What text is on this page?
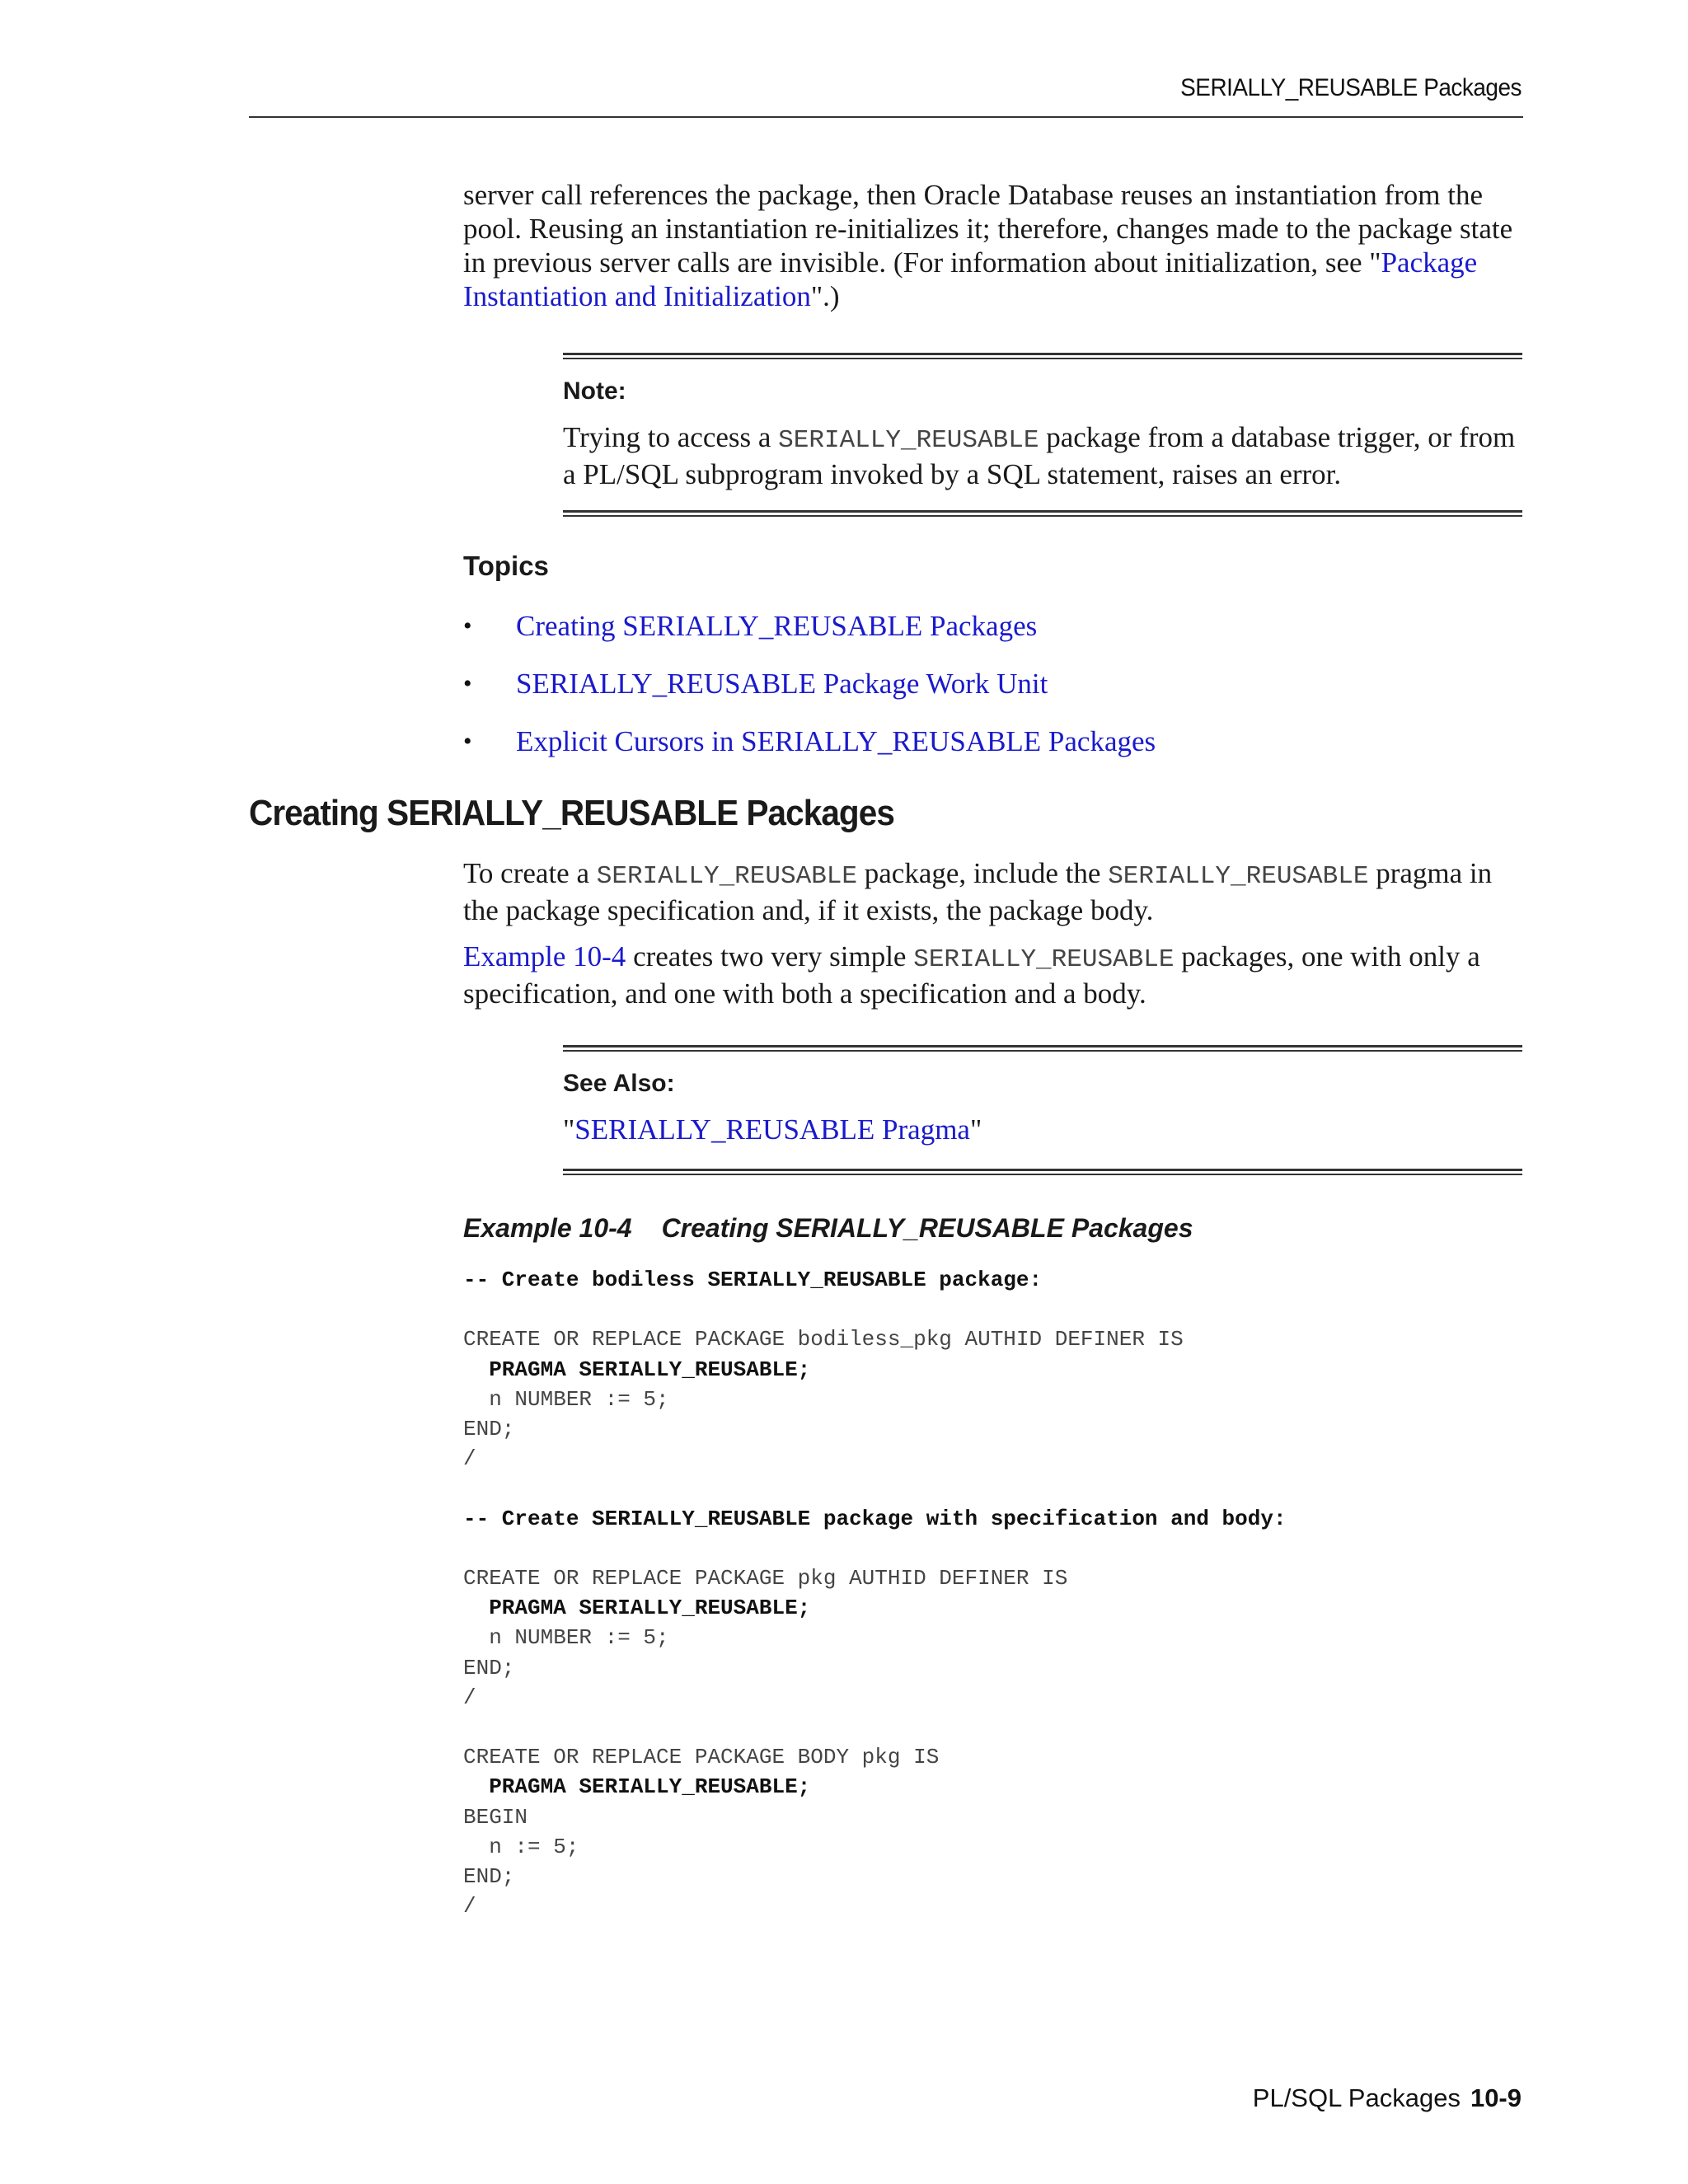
SERIALLY_REUSABLE Packages

server call references the package, then Oracle Database reuses an instantiation from the pool. Reusing an instantiation re-initializes it; therefore, changes made to the package state in previous server calls are invisible. (For information about initialization, see "Package Instantiation and Initialization".)

Note:

Trying to access a SERIALLY_REUSABLE package from a database trigger, or from a PL/SQL subprogram invoked by a SQL statement, raises an error.

Topics
•	Creating SERIALLY_REUSABLE Packages
•	SERIALLY_REUSABLE Package Work Unit
•	Explicit Cursors in SERIALLY_REUSABLE Packages
Creating SERIALLY_REUSABLE Packages

To create a SERIALLY_REUSABLE package, include the SERIALLY_REUSABLE pragma in the package specification and, if it exists, the package body.

Example 10-4 creates two very simple SERIALLY_REUSABLE packages, one with only a specification, and one with both a specification and a body.

See Also:

"SERIALLY_REUSABLE Pragma"

Example 10-4 Creating SERIALLY_REUSABLE Packages
-- Create bodiless SERIALLY_REUSABLE package:

CREATE OR REPLACE PACKAGE bodiless_pkg AUTHID DEFINER IS
PRAGMA SERIALLY_REUSABLE;
n NUMBER := 5;
END;
/

-- Create SERIALLY_REUSABLE package with specification and body:

CREATE OR REPLACE PACKAGE pkg AUTHID DEFINER IS
PRAGMA SERIALLY_REUSABLE;
n NUMBER := 5;
END;
/

CREATE OR REPLACE PACKAGE BODY pkg IS
PRAGMA SERIALLY_REUSABLE;
BEGIN
n := 5;
END;
/
PL/SQL Packages 10-9
